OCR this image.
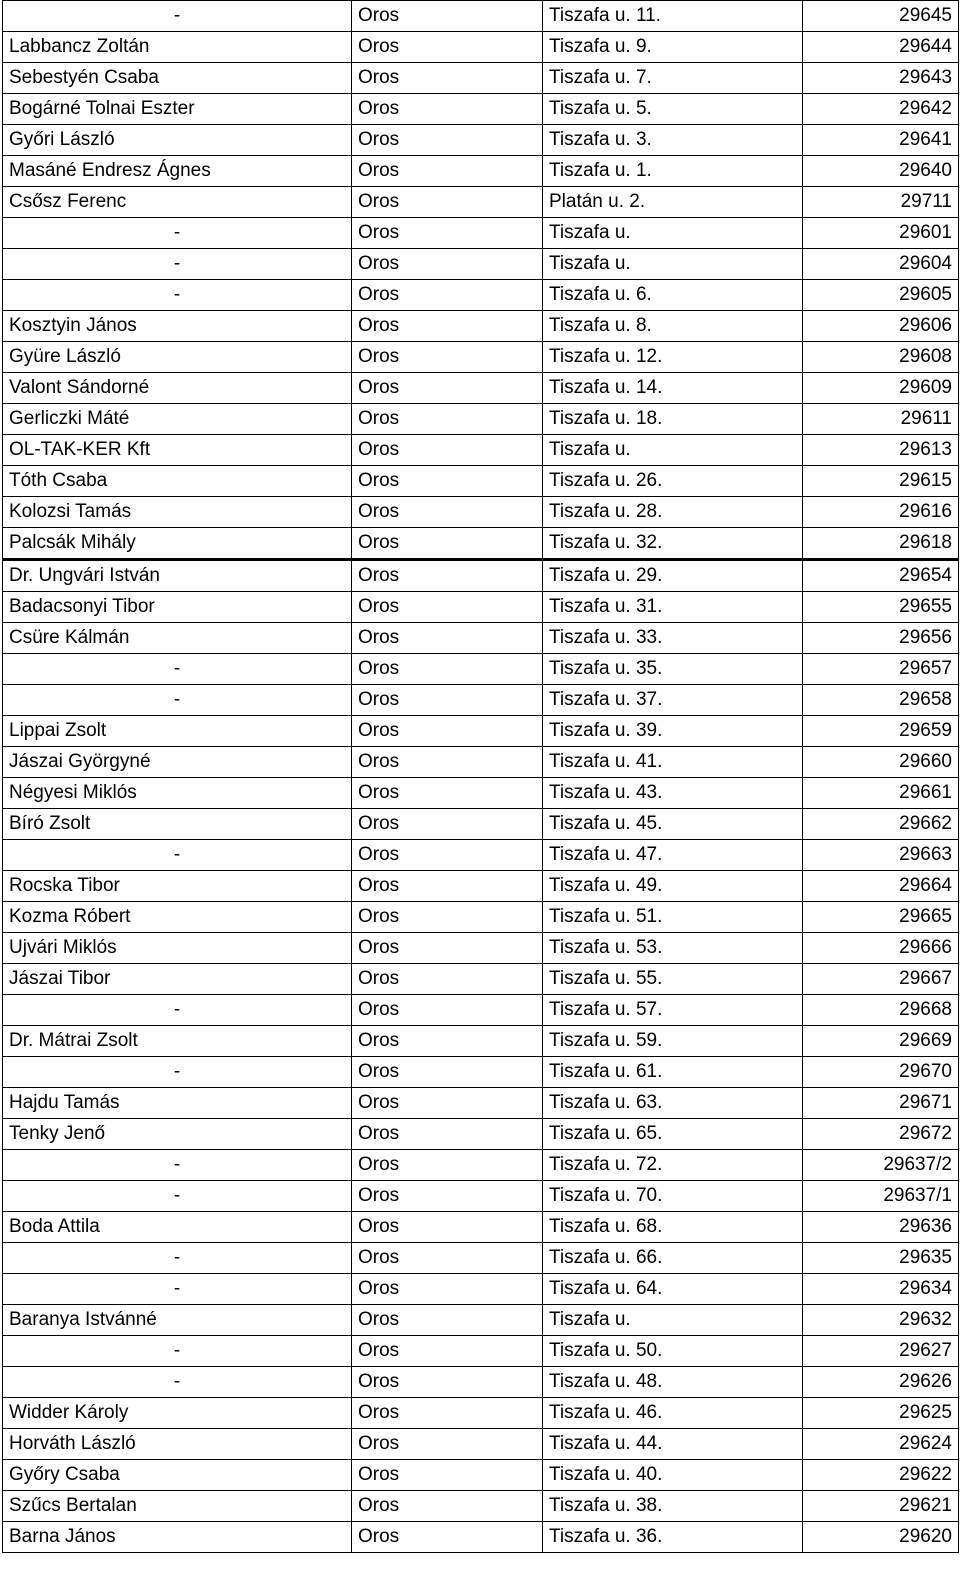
-	Oros	Tiszafa u. 11.	29645
Labbancz Zoltán	Oros	Tiszafa u. 9.	29644
Sebestyén Csaba	Oros	Tiszafa u. 7.	29643
Bogárné Tolnai Eszter	Oros	Tiszafa u. 5.	29642
Győri László	Oros	Tiszafa u. 3.	29641
Masáné Endresz Ágnes	Oros	Tiszafa u. 1.	29640
Csősz Ferenc	Oros	Platán u. 2.	29711
-	Oros	Tiszafa u.	29601
-	Oros	Tiszafa u.	29604
-	Oros	Tiszafa u. 6.	29605
Kosztyin János	Oros	Tiszafa u. 8.	29606
Gyüre László	Oros	Tiszafa u. 12.	29608
Valont Sándorné	Oros	Tiszafa u. 14.	29609
Gerliczki Máté	Oros	Tiszafa u. 18.	29611
OL-TAK-KER Kft	Oros	Tiszafa u.	29613
Tóth Csaba	Oros	Tiszafa u. 26.	29615
Kolozsi Tamás	Oros	Tiszafa u. 28.	29616
Palcsák Mihály	Oros	Tiszafa u. 32.	29618
Dr. Ungvári István	Oros	Tiszafa u. 29.	29654
Badacsonyi Tibor	Oros	Tiszafa u. 31.	29655
Csüre Kálmán	Oros	Tiszafa u. 33.	29656
-	Oros	Tiszafa u. 35.	29657
-	Oros	Tiszafa u. 37.	29658
Lippai Zsolt	Oros	Tiszafa u. 39.	29659
Jászai Györgyné	Oros	Tiszafa u. 41.	29660
Négyesi Miklós	Oros	Tiszafa u. 43.	29661
Bíró Zsolt	Oros	Tiszafa u. 45.	29662
-	Oros	Tiszafa u. 47.	29663
Rocska Tibor	Oros	Tiszafa u. 49.	29664
Kozma Róbert	Oros	Tiszafa u. 51.	29665
Ujvári Miklós	Oros	Tiszafa u. 53.	29666
Jászai Tibor	Oros	Tiszafa u. 55.	29667
-	Oros	Tiszafa u. 57.	29668
Dr. Mátrai Zsolt	Oros	Tiszafa u. 59.	29669
-	Oros	Tiszafa u. 61.	29670
Hajdu Tamás	Oros	Tiszafa u. 63.	29671
Tenky Jenő	Oros	Tiszafa u. 65.	29672
-	Oros	Tiszafa u. 72.	29637/2
-	Oros	Tiszafa u. 70.	29637/1
Boda Attila	Oros	Tiszafa u. 68.	29636
-	Oros	Tiszafa u. 66.	29635
-	Oros	Tiszafa u. 64.	29634
Baranya Istvánné	Oros	Tiszafa u.	29632
-	Oros	Tiszafa u. 50.	29627
-	Oros	Tiszafa u. 48.	29626
Widder Károly	Oros	Tiszafa u. 46.	29625
Horváth László	Oros	Tiszafa u. 44.	29624
Győry Csaba	Oros	Tiszafa u. 40.	29622
Szűcs Bertalan	Oros	Tiszafa u. 38.	29621
Barna János	Oros	Tiszafa u. 36.	29620
